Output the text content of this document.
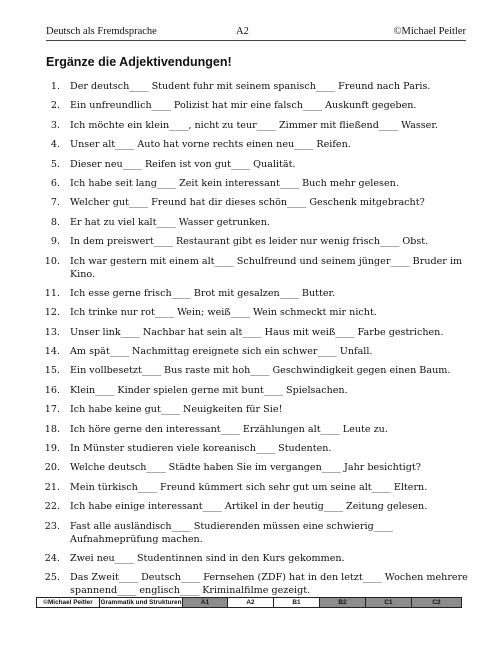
Deutsch als Fremdsprache	A2	©Michael Peitler
Ergänze die Adjektivendungen!
1.	Der deutsch____ Student fuhr mit seinem spanisch____ Freund nach Paris.
2.	Ein unfreundlich____ Polizist hat mir eine falsch____ Auskunft gegeben.
3.	Ich möchte ein klein____, nicht zu teur____ Zimmer mit fließend____ Wasser.
4.	Unser alt____ Auto hat vorne rechts einen neu____ Reifen.
5.	Dieser neu____ Reifen ist von gut____ Qualität.
6.	Ich habe seit lang____ Zeit kein interessant____ Buch mehr gelesen.
7.	Welcher gut____ Freund hat dir dieses schön____ Geschenk mitgebracht?
8.	Er hat zu viel kalt____ Wasser getrunken.
9.	In dem preiswert____ Restaurant gibt es leider nur wenig frisch____ Obst.
10.	Ich war gestern mit einem alt____ Schulfreund und seinem jünger____ Bruder im Kino.
11.	Ich esse gerne frisch____ Brot mit gesalzen____ Butter.
12.	Ich trinke nur rot____ Wein; weiß____ Wein schmeckt mir nicht.
13.	Unser link____ Nachbar hat sein alt____ Haus mit weiß____ Farbe gestrichen.
14.	Am spät____ Nachmittag ereignete sich ein schwer____ Unfall.
15.	Ein vollbesetzt____ Bus raste mit hoh____ Geschwindigkeit gegen einen Baum.
16.	Klein____ Kinder spielen gerne mit bunt____ Spielsachen.
17.	Ich habe keine gut____ Neuigkeiten für Sie!
18.	Ich höre gerne den interessant____ Erzählungen alt____ Leute zu.
19.	In Münster studieren viele koreanisch____ Studenten.
20.	Welche deutsch____ Städte haben Sie im vergangen____ Jahr besichtigt?
21.	Mein türkisch____ Freund kümmert sich sehr gut um seine alt____ Eltern.
22.	Ich habe einige interessant____ Artikel in der heutig____ Zeitung gelesen.
23.	Fast alle ausländisch____ Studierenden müssen eine schwierig____ Aufnahmeprüfung machen.
24.	Zwei neu____ Studentinnen sind in den Kurs gekommen.
25.	Das Zweit____ Deutsch____ Fernsehen (ZDF) hat in den letzt____ Wochen mehrere spannend____ englisch____ Kriminalfilme gezeigt.
©Michael Peitler	Grammatik und Strukturen	A1	A2	B1	B2	C1	C2
